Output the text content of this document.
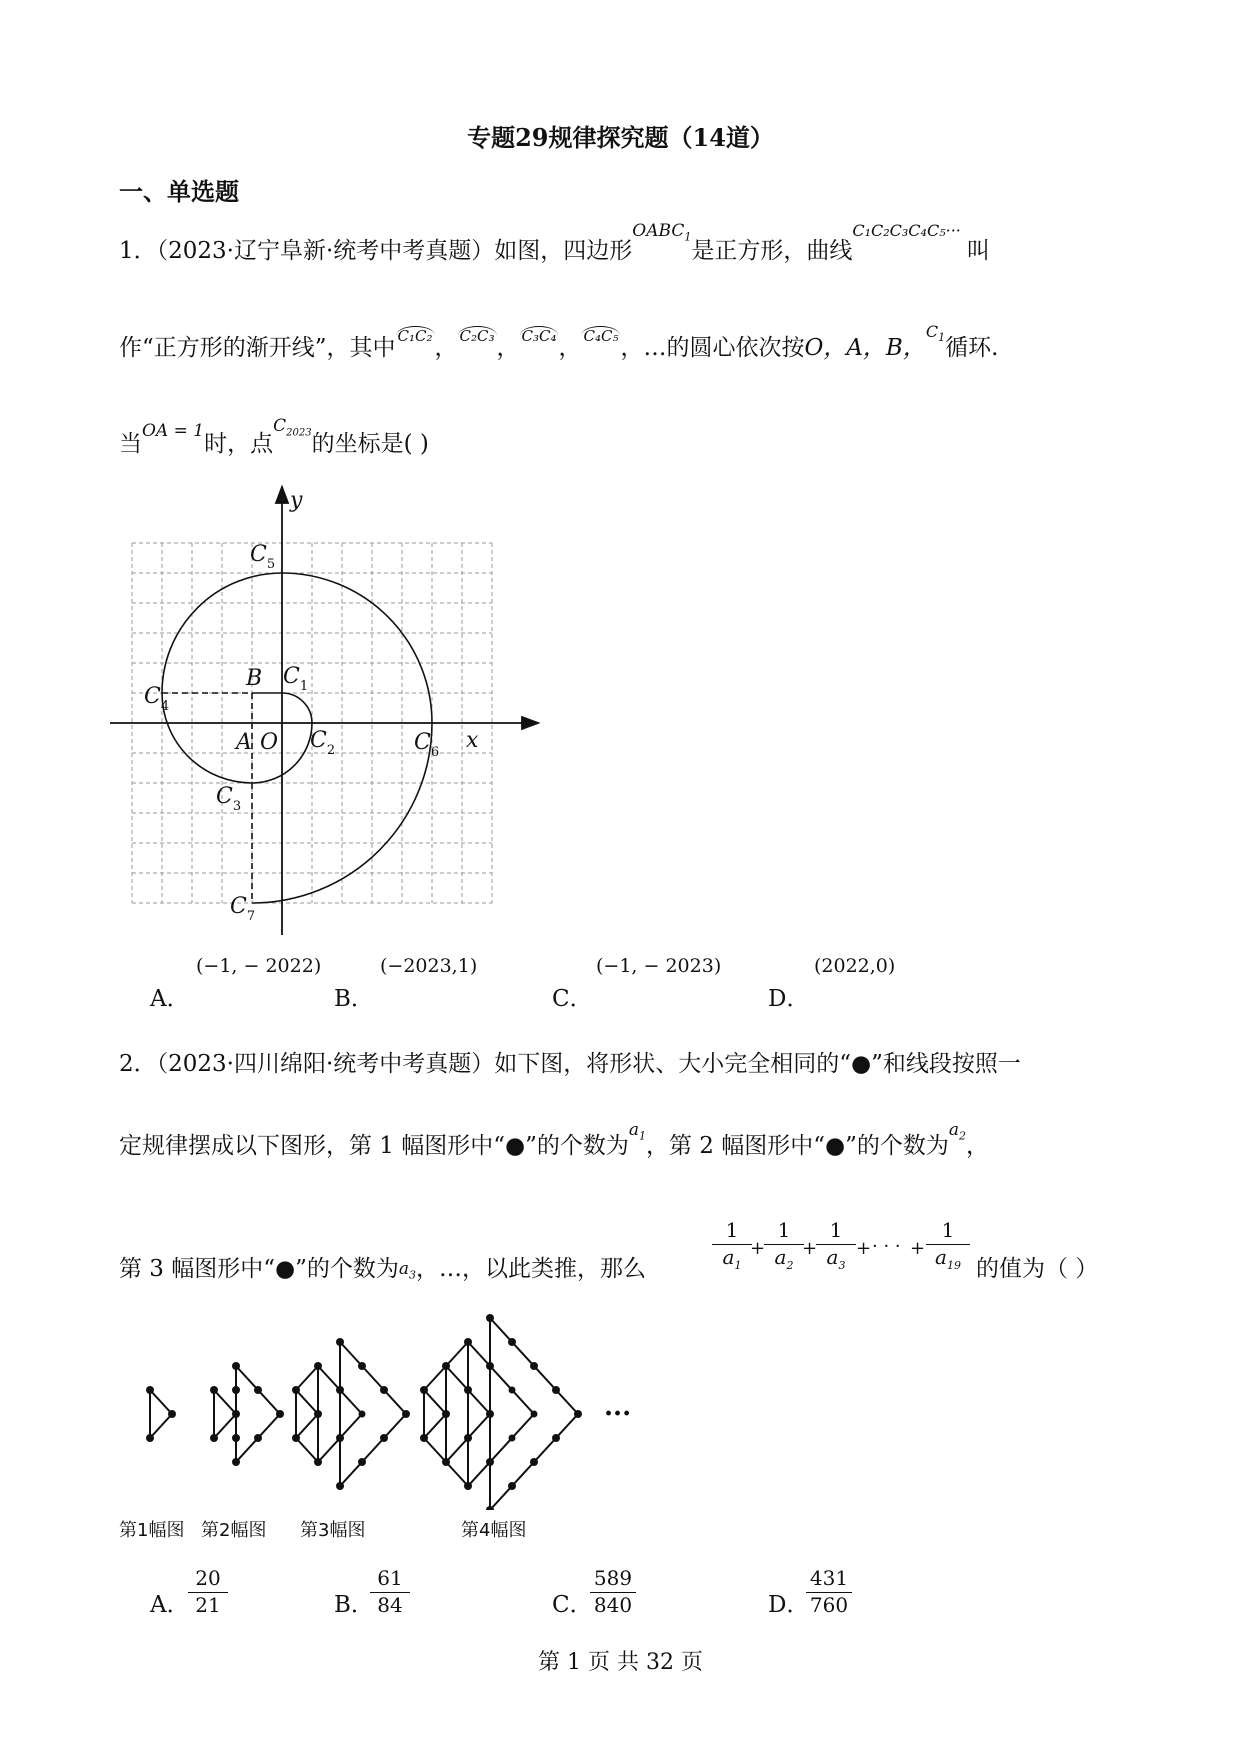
专题29规律探究题（14道）
一、单选题
1．（2023·辽宁阜新·统考中考真题）如图，四边形$^{OABC_1}$是正方形，曲线$^{C_1C_2C_3C_4C_5\cdot\cdot\cdot}$叫
作“正方形的渐开线”，其中 $^{C_1C_2}$， $^{C_2C_3}$， $^{C_3C_4}$， $^{C_4C_5}$，…的圆心依次按O，A，B，$^{C_1}$循环.
当$^{OA = 1}$时，点$^{C_{2023}}$的坐标是( )
y
x
O
A
B $C_1$
$C_2$
$C_3$
$C_4$
$C_5$
$C_6$
$C_7$
A．
(−1, − 2022)
B．
(−2023,1)
C．
(−1, − 2023)
D．
(2022,0)
2．（2023·四川绵阳·统考中考真题）如下图，将形状、大小完全相同的“●”和线段按照一
定规律摆成以下图形，第 1 幅图形中“●”的个数为$^{a_1}$，第 2 幅图形中“●”的个数为$^{a_2}$，
第 3 幅图形中“●”的个数为$a_3$，…，以此类推，那么	$\frac{1}{a_1}$
+
$\frac{1}{a_2}$
+
$\frac{1}{a_3}$ + · · · + $\frac{1}{a_{19}}$ 的值为（ ）
···
第1幅图 第2幅图 第3幅图	第4幅图
A．
$\frac{20}{21}$	B．
$\frac{61}{84}$	C．
$\frac{589}{840}$	D．
$\frac{431}{760}$
第 1 页 共 32 页
